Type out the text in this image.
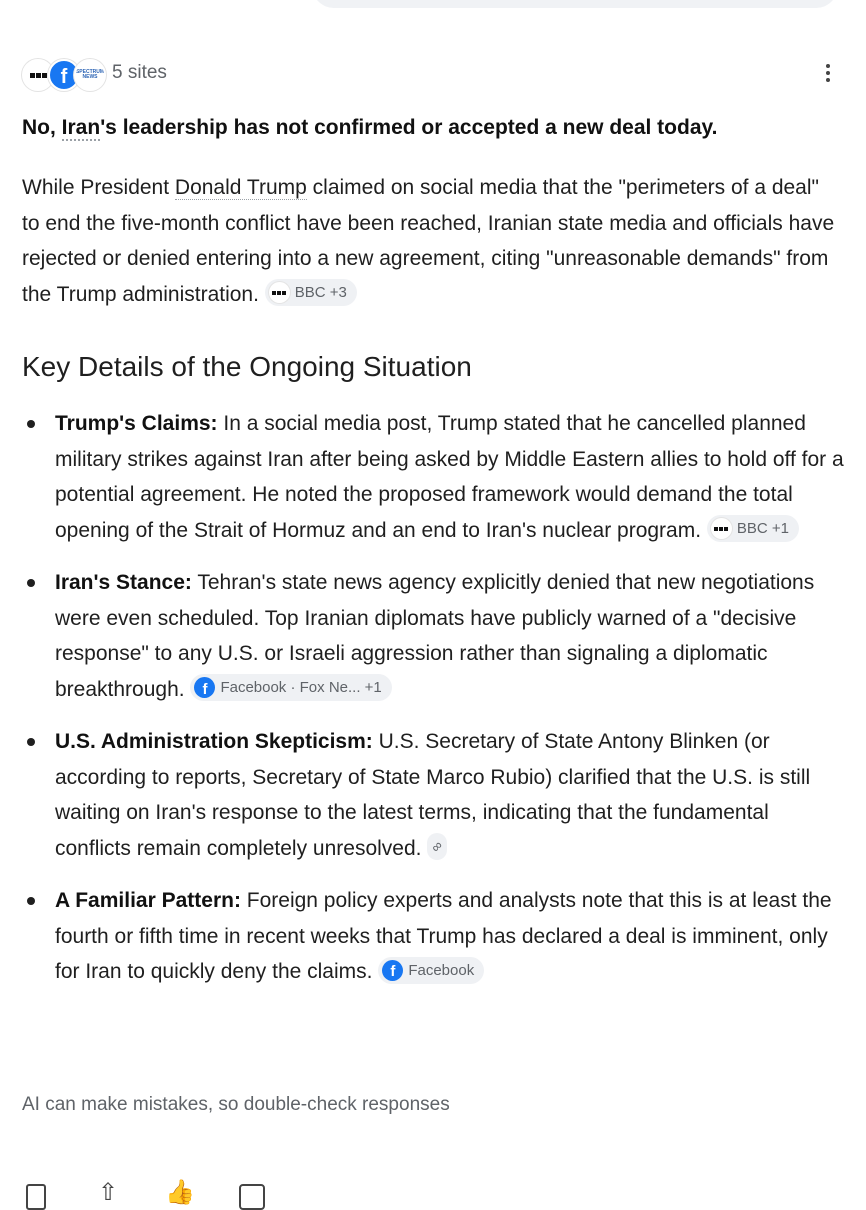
f SPECTRUM
NEWS 5 sites
No, Iran's leadership has not confirmed or accepted a new deal today.
While President Donald Trump claimed on social media that the "perimeters of a deal" to end the five-month conflict have been reached, Iranian state media and officials have rejected or denied entering into a new agreement, citing "unreasonable demands" from the Trump administration. BBC +3
Key Details of the Ongoing Situation
Trump's Claims: In a social media post, Trump stated that he cancelled planned military strikes against Iran after being asked by Middle Eastern allies to hold off for a potential agreement. He noted the proposed framework would demand the total opening of the Strait of Hormuz and an end to Iran's nuclear program. BBC +1
Iran's Stance: Tehran's state news agency explicitly denied that new negotiations were even scheduled. Top Iranian diplomats have publicly warned of a "decisive response" to any U.S. or Israeli aggression rather than signaling a diplomatic breakthrough. f Facebook · Fox Ne... +1
U.S. Administration Skepticism: U.S. Secretary of State Antony Blinken (or according to reports, Secretary of State Marco Rubio) clarified that the U.S. is still waiting on Iran's response to the latest terms, indicating that the fundamental conflicts remain completely unresolved. ∞
A Familiar Pattern: Foreign policy experts and analysts note that this is at least the fourth or fifth time in recent weeks that Trump has declared a deal is imminent, only for Iran to quickly deny the claims. f Facebook
AI can make mistakes, so double-check responses
⇧ 👍
